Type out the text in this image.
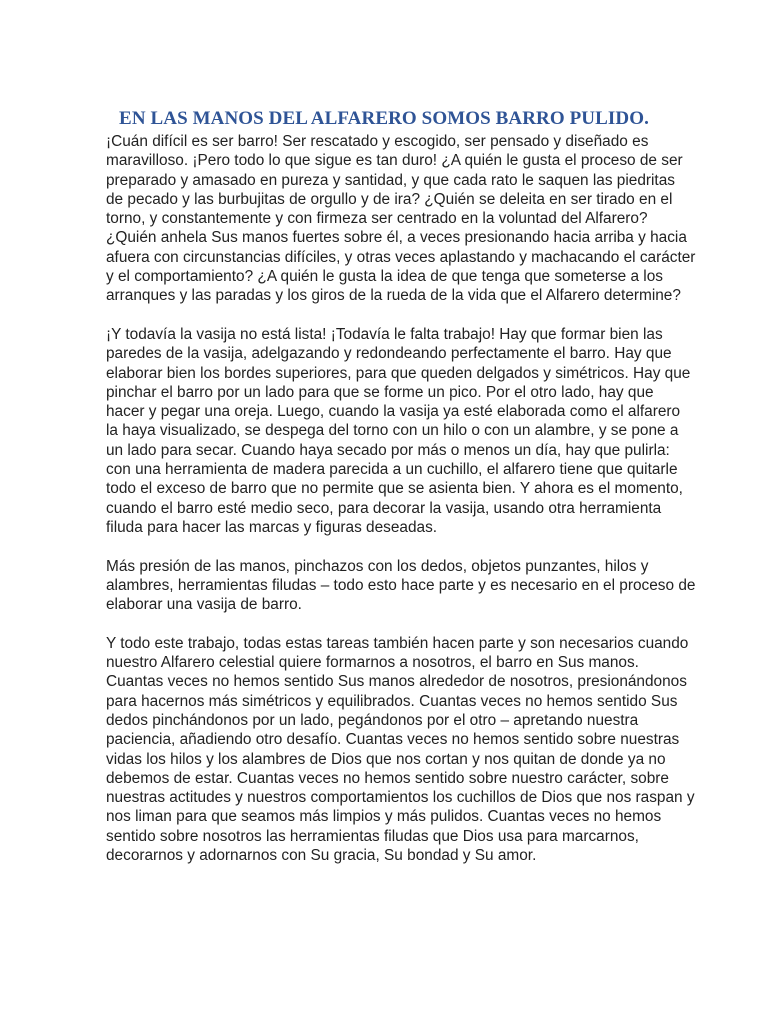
EN LAS MANOS DEL ALFARERO SOMOS BARRO PULIDO.

¡Cuán difícil es ser barro! Ser rescatado y escogido, ser pensado y diseñado es maravilloso. ¡Pero todo lo que sigue es tan duro! ¿A quién le gusta el proceso de ser preparado y amasado en pureza y santidad, y que cada rato le saquen las piedritas de pecado y las burbujitas de orgullo y de ira? ¿Quién se deleita en ser tirado en el torno, y constantemente y con firmeza ser centrado en la voluntad del Alfarero? ¿Quién anhela Sus manos fuertes sobre él, a veces presionando hacia arriba y hacia afuera con circunstancias difíciles, y otras veces aplastando y machacando el carácter y el comportamiento? ¿A quién le gusta la idea de que tenga que someterse a los arranques y las paradas y los giros de la rueda de la vida que el Alfarero determine?

¡Y todavía la vasija no está lista! ¡Todavía le falta trabajo! Hay que formar bien las paredes de la vasija, adelgazando y redondeando perfectamente el barro. Hay que elaborar bien los bordes superiores, para que queden delgados y simétricos. Hay que pinchar el barro por un lado para que se forme un pico. Por el otro lado, hay que hacer y pegar una oreja. Luego, cuando la vasija ya esté elaborada como el alfarero la haya visualizado, se despega del torno con un hilo o con un alambre, y se pone a un lado para secar. Cuando haya secado por más o menos un día, hay que pulirla: con una herramienta de madera parecida a un cuchillo, el alfarero tiene que quitarle todo el exceso de barro que no permite que se asienta bien. Y ahora es el momento, cuando el barro esté medio seco, para decorar la vasija, usando otra herramienta filuda para hacer las marcas y figuras deseadas.

Más presión de las manos, pinchazos con los dedos, objetos punzantes, hilos y alambres, herramientas filudas – todo esto hace parte y es necesario en el proceso de elaborar una vasija de barro.

Y todo este trabajo, todas estas tareas también hacen parte y son necesarios cuando nuestro Alfarero celestial quiere formarnos a nosotros, el barro en Sus manos. Cuantas veces no hemos sentido Sus manos alrededor de nosotros, presionándonos para hacernos más simétricos y equilibrados. Cuantas veces no hemos sentido Sus dedos pinchándonos por un lado, pegándonos por el otro – apretando nuestra paciencia, añadiendo otro desafío. Cuantas veces no hemos sentido sobre nuestras vidas los hilos y los alambres de Dios que nos cortan y nos quitan de donde ya no debemos de estar. Cuantas veces no hemos sentido sobre nuestro carácter, sobre nuestras actitudes y nuestros comportamientos los cuchillos de Dios que nos raspan y nos liman para que seamos más limpios y más pulidos. Cuantas veces no hemos sentido sobre nosotros las herramientas filudas que Dios usa para marcarnos, decorarnos y adornarnos con Su gracia, Su bondad y Su amor.
